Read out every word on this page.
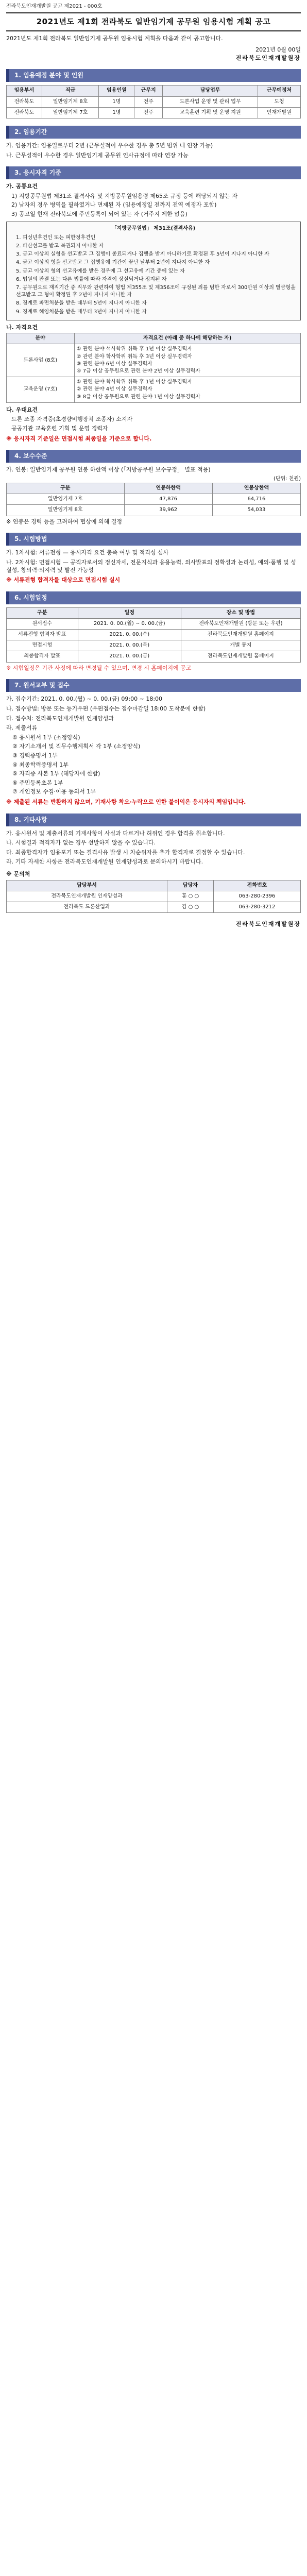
전라북도인재개발원 공고 제2021 - 000호
2021년도 제1회 전라북도 일반임기제 공무원 임용시험 계획 공고
2021년도 제1회 전라북도 일반임기제 공무원 임용시험 계획을 다음과 같이 공고합니다.
2021년 0월 00일
전라북도인재개발원장
1. 임용예정 분야 및 인원
임용부서	직급	임용인원	근무지	담당업무	근무예정처
전라북도	일반임기제 8호	1명	전주	드론사업 운영 및 관리 업무	도청
전라북도	일반임기제 7호	1명	전주	교육훈련 기획 및 운영 지원	인재개발원
2. 임용기간
가. 임용기간: 임용일로부터 2년 (근무실적이 우수한 경우 총 5년 범위 내 연장 가능)
나. 근무성적이 우수한 경우 일반임기제 공무원 인사규정에 따라 연장 가능
3. 응시자격 기준
가. 공통요건
1) 지방공무원법 제31조 결격사유 및 지방공무원임용령 제65조 규정 등에 해당되지 않는 자
2) 남자의 경우 병역을 필하였거나 면제된 자 (임용예정일 전까지 전역 예정자 포함)
3) 공고일 현재 전라북도에 주민등록이 되어 있는 자 (거주지 제한 없음)
「지방공무원법」 제31조(결격사유)
1. 피성년후견인 또는 피한정후견인
2. 파산선고를 받고 복권되지 아니한 자
3. 금고 이상의 실형을 선고받고 그 집행이 종료되거나 집행을 받지 아니하기로 확정된 후 5년이 지나지 아니한 자
4. 금고 이상의 형을 선고받고 그 집행유예 기간이 끝난 날부터 2년이 지나지 아니한 자
5. 금고 이상의 형의 선고유예를 받은 경우에 그 선고유예 기간 중에 있는 자
6. 법원의 판결 또는 다른 법률에 따라 자격이 상실되거나 정지된 자
7. 공무원으로 재직기간 중 직무와 관련하여 형법 제355조 및 제356조에 규정된 죄를 범한 자로서 300만원 이상의 벌금형을 선고받고 그 형이 확정된 후 2년이 지나지 아니한 자
8. 징계로 파면처분을 받은 때부터 5년이 지나지 아니한 자
9. 징계로 해임처분을 받은 때부터 3년이 지나지 아니한 자
나. 자격요건
분야	자격요건 (아래 중 하나에 해당하는 자)
드론사업 (8호)	① 관련 분야 석사학위 취득 후 1년 이상 실무경력자
② 관련 분야 학사학위 취득 후 3년 이상 실무경력자
③ 관련 분야 6년 이상 실무경력자
④ 7급 이상 공무원으로 관련 분야 2년 이상 실무경력자
교육운영 (7호)	① 관련 분야 학사학위 취득 후 1년 이상 실무경력자
② 관련 분야 4년 이상 실무경력자
③ 8급 이상 공무원으로 관련 분야 1년 이상 실무경력자
다. 우대요건
드론 조종 자격증(초경량비행장치 조종자) 소지자
공공기관 교육훈련 기획 및 운영 경력자
※ 응시자격 기준일은 면접시험 최종일을 기준으로 합니다.
4. 보수수준
가. 연봉: 일반임기제 공무원 연봉 하한액 이상 (「지방공무원 보수규정」 별표 적용)
(단위: 천원)
구분	연봉하한액	연봉상한액
일반임기제 7호	47,876	64,716
일반임기제 8호	39,962	54,033
※ 연봉은 경력 등을 고려하여 협상에 의해 결정
5. 시험방법
가. 1차시험: 서류전형 — 응시자격 요건 충족 여부 및 적격성 심사
나. 2차시험: 면접시험 — 공직자로서의 정신자세, 전문지식과 응용능력, 의사발표의 정확성과 논리성, 예의·품행 및 성실성, 창의력·의지력 및 발전 가능성
※ 서류전형 합격자를 대상으로 면접시험 실시
6. 시험일정
구분	일정	장소 및 방법
원서접수	2021. 0. 00.(월) ~ 0. 00.(금)	전라북도인재개발원 (방문 또는 우편)
서류전형 합격자 발표	2021. 0. 00.(수)	전라북도인재개발원 홈페이지
면접시험	2021. 0. 00.(목)	개별 통지
최종합격자 발표	2021. 0. 00.(금)	전라북도인재개발원 홈페이지
※ 시험일정은 기관 사정에 따라 변경될 수 있으며, 변경 시 홈페이지에 공고
7. 원서교부 및 접수
가. 접수기간: 2021. 0. 00.(월) ~ 0. 00.(금) 09:00 ~ 18:00
나. 접수방법: 방문 또는 등기우편 (우편접수는 접수마감일 18:00 도착분에 한함)
다. 접수처: 전라북도인재개발원 인재양성과
라. 제출서류
① 응시원서 1부 (소정양식)
② 자기소개서 및 직무수행계획서 각 1부 (소정양식)
③ 경력증명서 1부
④ 최종학력증명서 1부
⑤ 자격증 사본 1부 (해당자에 한함)
⑥ 주민등록초본 1부
⑦ 개인정보 수집·이용 동의서 1부
※ 제출된 서류는 반환하지 않으며, 기재사항 착오·누락으로 인한 불이익은 응시자의 책임입니다.
8. 기타사항
가. 응시원서 및 제출서류의 기재사항이 사실과 다르거나 허위인 경우 합격을 취소합니다.
나. 시험결과 적격자가 없는 경우 선발하지 않을 수 있습니다.
다. 최종합격자가 임용포기 또는 결격사유 발생 시 차순위자를 추가 합격자로 결정할 수 있습니다.
라. 기타 자세한 사항은 전라북도인재개발원 인재양성과로 문의하시기 바랍니다.
※ 문의처
담당부서	담당자	전화번호
전라북도인재개발원 인재양성과	홍 ○ ○	063-280-2396
전라북도 드론산업과	김 ○ ○	063-280-3212
전라북도인재개발원장
